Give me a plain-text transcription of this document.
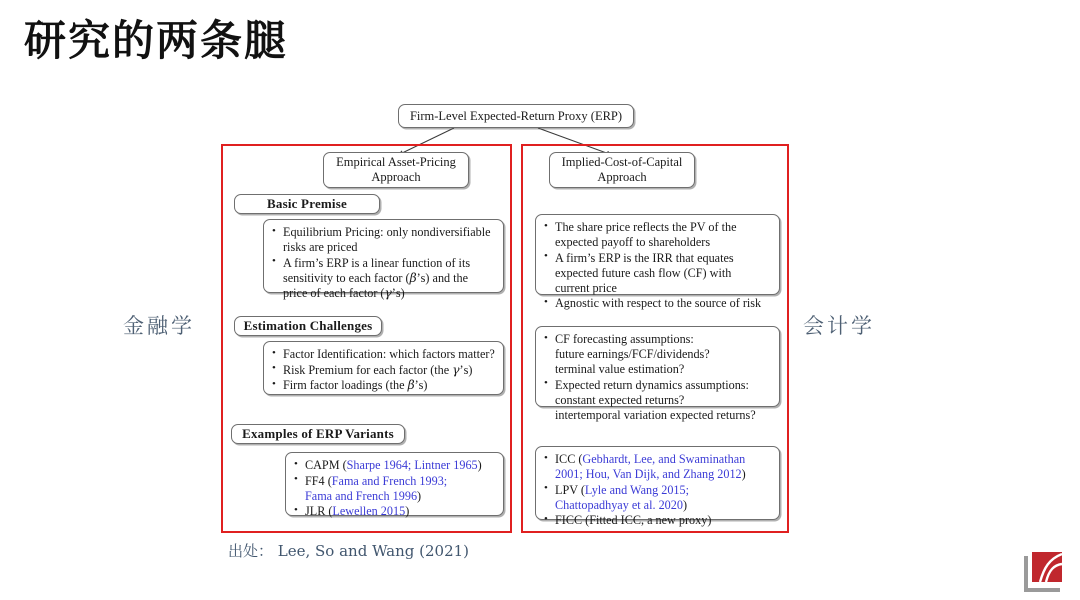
研究的两条腿
Firm-Level Expected-Return Proxy (ERP)
Empirical Asset-Pricing
Approach
Basic Premise
• Equilibrium Pricing: only nondiversifiable
risks are priced
• A firm’s ERP is a linear function of its
sensitivity to each factor (β’s) and the
price of each factor (γ’s)
Estimation Challenges
• Factor Identification: which factors matter?
• Risk Premium for each factor (the γ’s)
• Firm factor loadings (the β’s)
Examples of ERP Variants
• CAPM (Sharpe 1964; Lintner 1965)
• FF4 (Fama and French 1993;
Fama and French 1996)
• JLR (Lewellen 2015)
Implied-Cost-of-Capital
Approach
• The share price reflects the PV of the
expected payoff to shareholders
• A firm’s ERP is the IRR that equates
expected future cash flow (CF) with
current price
• Agnostic with respect to the source of risk
• CF forecasting assumptions:
future earnings/FCF/dividends?
terminal value estimation?
• Expected return dynamics assumptions:
constant expected returns?
intertemporal variation expected returns?
• ICC (Gebhardt, Lee, and Swaminathan
2001; Hou, Van Dijk, and Zhang 2012)
• LPV (Lyle and Wang 2015;
Chattopadhyay et al. 2020)
• FICC (Fitted ICC, a new proxy)
金融学	会计学
出处： Lee, So and Wang (2021)
